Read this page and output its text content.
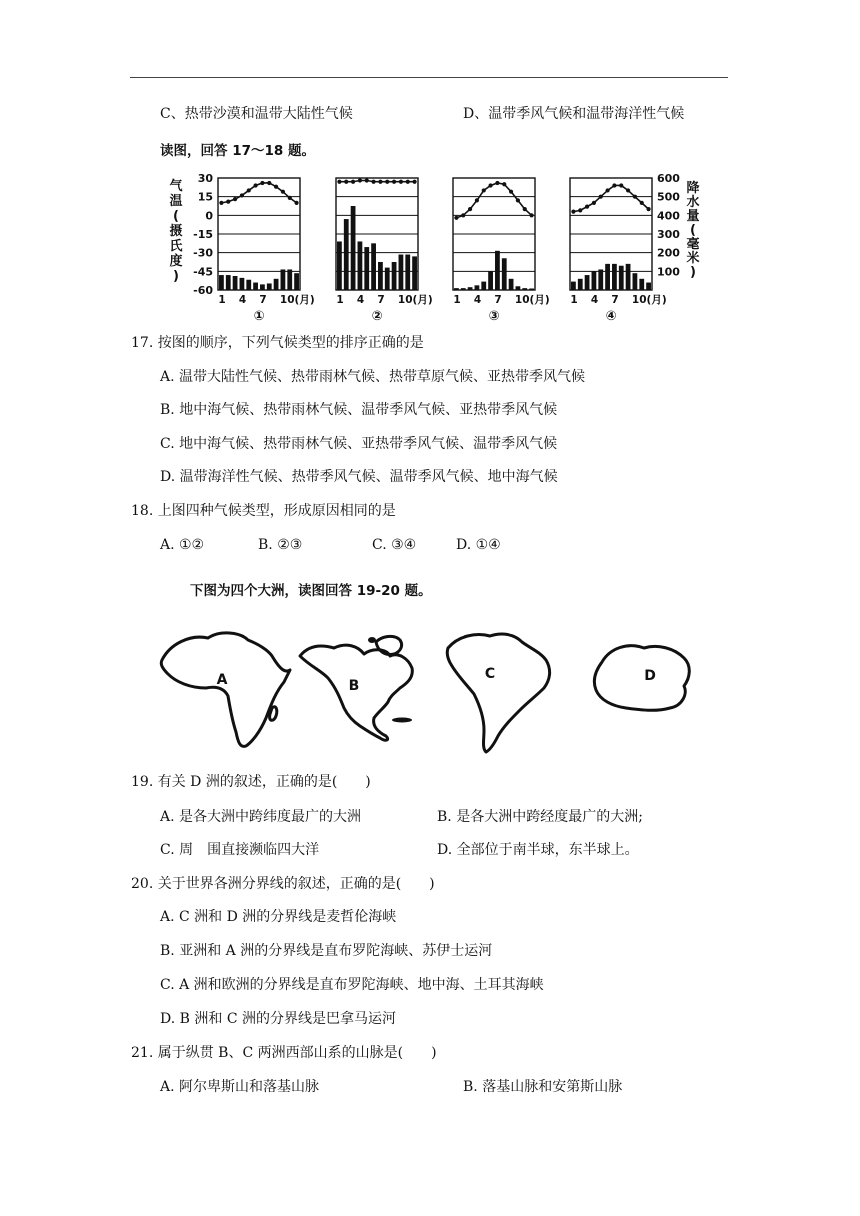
C、热带沙漠和温带大陆性气候	D、温带季风气候和温带海洋性气候
读图，回答 17～18 题。
气
温
(
摄
氏
度
)
30
15
0
-15
-30
-45
-60
降
水
量
(
毫
米
)
600
500
400
300
200
100
1 4 7 10(月)
①
1 4 7 10(月)
②
1 4 7 10(月)
③
1 4 7 10(月)
④
17. 按图的顺序，下列气候类型的排序正确的是
A. 温带大陆性气候、热带雨林气候、热带草原气候、亚热带季风气候
B. 地中海气候、热带雨林气候、温带季风气候、亚热带季风气候
C. 地中海气候、热带雨林气候、亚热带季风气候、温带季风气候
D. 温带海洋性气候、热带季风气候、温带季风气候、地中海气候
18. 上图四种气候类型，形成原因相同的是
A. ①②	B. ②③	C. ③④	D. ①④
下图为四个大洲，读图回答 19-20 题。
A	B
C	D
19. 有关 D 洲的叙述，正确的是(　　)
A. 是各大洲中跨纬度最广的大洲	B. 是各大洲中跨经度最广的大洲;
C. 周　围直接濒临四大洋	D. 全部位于南半球，东半球上。
20. 关于世界各洲分界线的叙述，正确的是(　　)
A. C 洲和 D 洲的分界线是麦哲伦海峡
B. 亚洲和 A 洲的分界线是直布罗陀海峡、苏伊士运河
C. A 洲和欧洲的分界线是直布罗陀海峡、地中海、土耳其海峡
D. B 洲和 C 洲的分界线是巴拿马运河
21. 属于纵贯 B、C 两洲西部山系的山脉是(　　)
A. 阿尔卑斯山和落基山脉	B. 落基山脉和安第斯山脉
